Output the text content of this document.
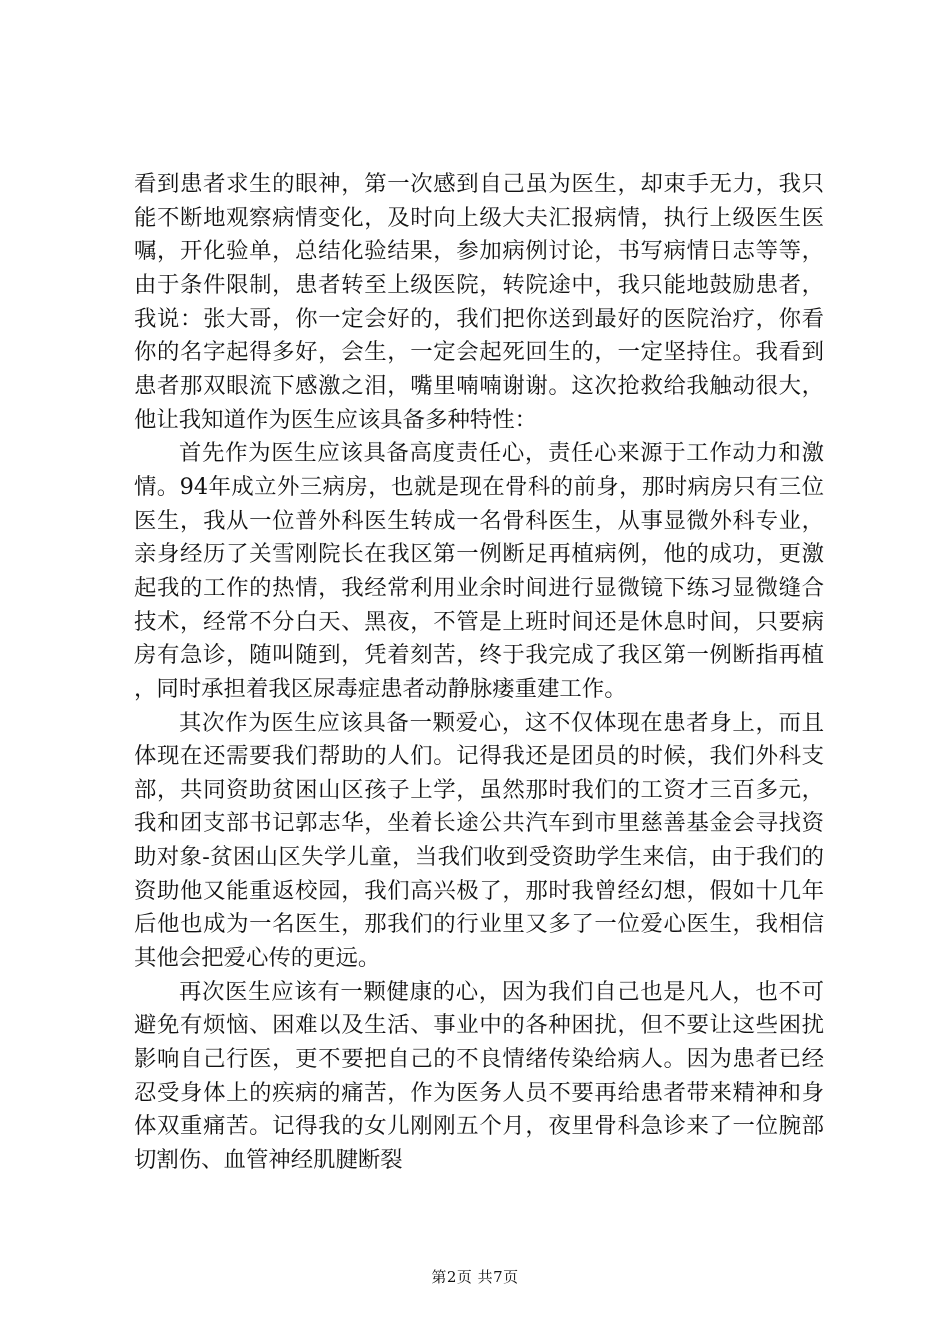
看到患者求生的眼神，第一次感到自己虽为医生，却束手无力，我只能不断地观察病情变化，及时向上级大夫汇报病情，执行上级医生医嘱，开化验单，总结化验结果，参加病例讨论，书写病情日志等等，由于条件限制，患者转至上级医院，转院途中，我只能地鼓励患者，我说：张大哥，你一定会好的，我们把你送到最好的医院治疗，你看你的名字起得多好，会生，一定会起死回生的，一定坚持住。我看到患者那双眼流下感激之泪，嘴里喃喃谢谢。这次抢救给我触动很大，他让我知道作为医生应该具备多种特性：

首先作为医生应该具备高度责任心，责任心来源于工作动力和激情。94年成立外三病房，也就是现在骨科的前身，那时病房只有三位医生，我从一位普外科医生转成一名骨科医生，从事显微外科专业，亲身经历了关雪刚院长在我区第一例断足再植病例，他的成功，更激起我的工作的热情，我经常利用业余时间进行显微镜下练习显微缝合技术，经常不分白天、黑夜，不管是上班时间还是休息时间，只要病房有急诊，随叫随到，凭着刻苦，终于我完成了我区第一例断指再植，同时承担着我区尿毒症患者动静脉瘘重建工作。

其次作为医生应该具备一颗爱心，这不仅体现在患者身上，而且体现在还需要我们帮助的人们。记得我还是团员的时候，我们外科支部，共同资助贫困山区孩子上学，虽然那时我们的工资才三百多元，我和团支部书记郭志华，坐着长途公共汽车到市里慈善基金会寻找资助对象-贫困山区失学儿童，当我们收到受资助学生来信，由于我们的资助他又能重返校园，我们高兴极了，那时我曾经幻想，假如十几年后他也成为一名医生，那我们的行业里又多了一位爱心医生，我相信其他会把爱心传的更远。

再次医生应该有一颗健康的心，因为我们自己也是凡人，也不可避免有烦恼、困难以及生活、事业中的各种困扰，但不要让这些困扰影响自己行医，更不要把自己的不良情绪传染给病人。因为患者已经忍受身体上的疾病的痛苦，作为医务人员不要再给患者带来精神和身体双重痛苦。记得我的女儿刚刚五个月，夜里骨科急诊来了一位腕部切割伤、血管神经肌腱断裂

第2页 共7页
